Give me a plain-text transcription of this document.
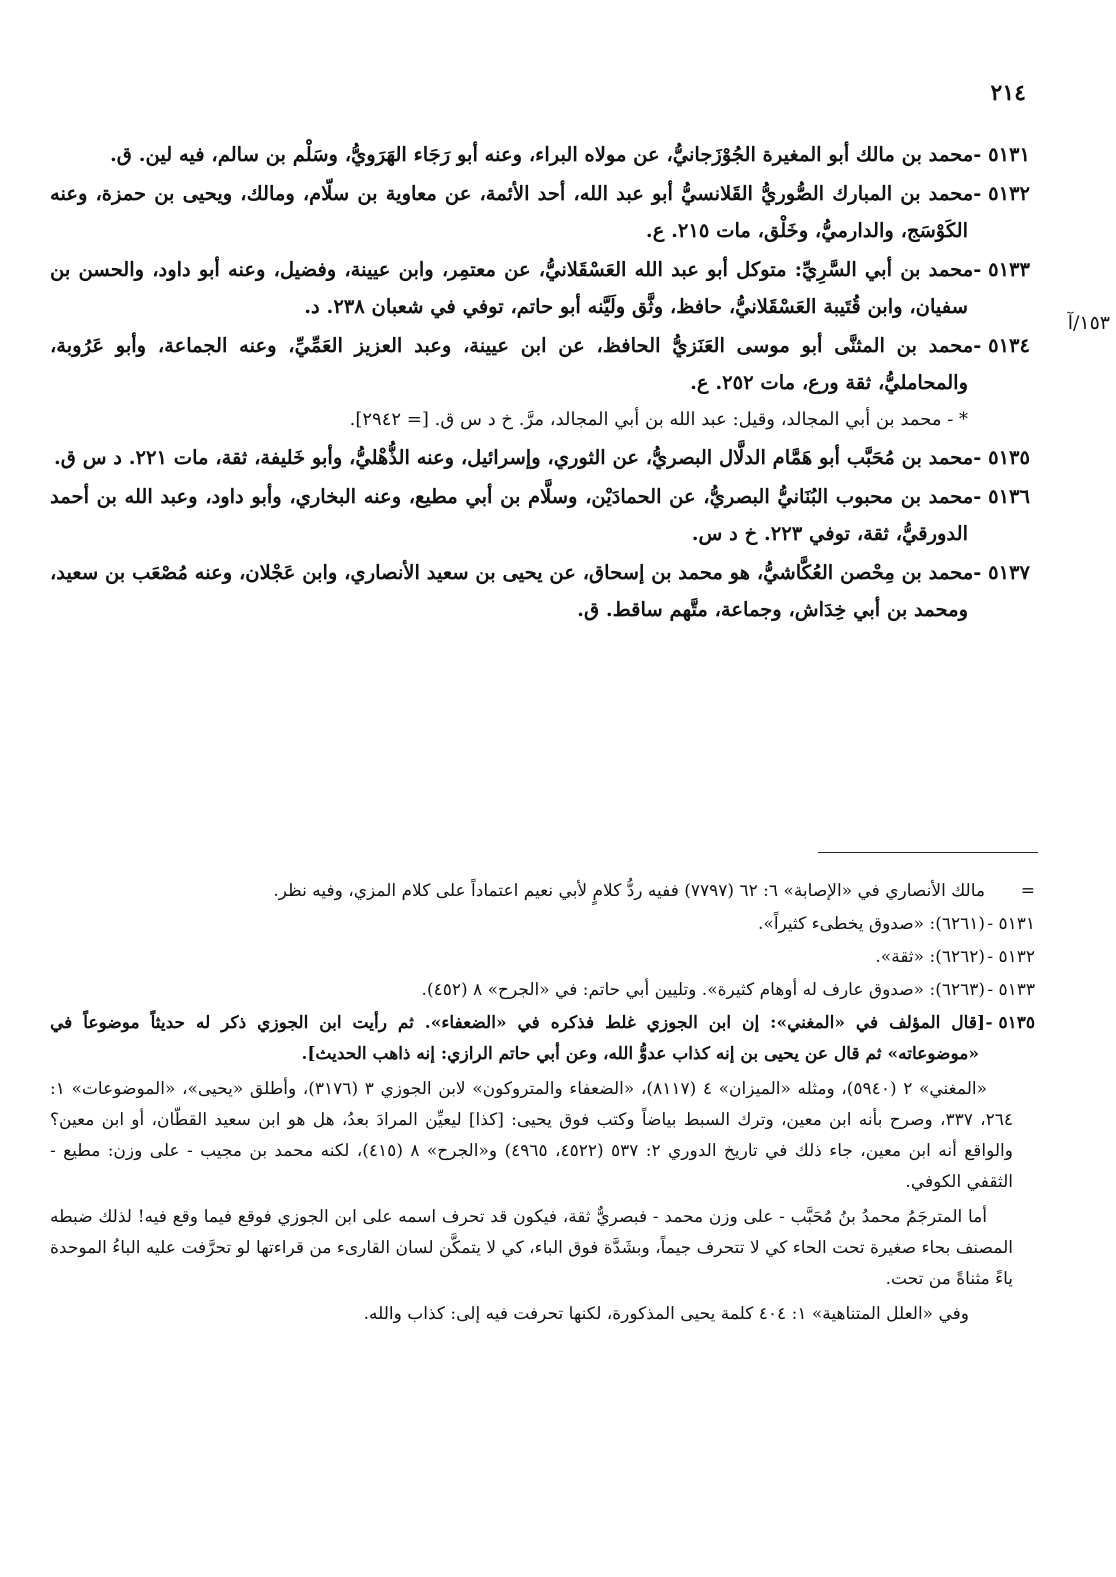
٢١٤
١٥٣/آ

٥١٣١ -محمد بن مالك أبو المغيرة الجُوْزَجانيُّ، عن مولاه البراء، وعنه أبو رَجَاء الهَرَويُّ، وسَلْم بن سالم، فيه لين. ق.

٥١٣٢ -محمد بن المبارك الصُّوريُّ القَلانسيُّ أبو عبد الله، أحد الأئمة، عن معاوية بن سلّام، ومالك، ويحيى بن حمزة، وعنه الكَوْسَج، والدارميُّ، وخَلْق، مات ٢١٥. ع.

٥١٣٣ -محمد بن أبي السَّرِيِّ: متوكل أبو عبد الله العَسْقَلانيُّ، عن معتمِر، وابن عيينة، وفضيل، وعنه أبو داود، والحسن بن سفيان، وابن قُتَيبة العَسْقَلانيُّ، حافظ، وثَّق ولَيَّنه أبو حاتم، توفي في شعبان ٢٣٨. د.

٥١٣٤ -محمد بن المثنَّى أبو موسى العَنَزيُّ الحافظ، عن ابن عيينة، وعبد العزيز العَمِّيِّ، وعنه الجماعة، وأبو عَرُوبة، والمحامليُّ، ثقة ورع، مات ٢٥٢. ع.

* - محمد بن أبي المجالد، وقيل: عبد الله بن أبي المجالد، مرَّ. خ د س ق. [= ٢٩٤٢].

٥١٣٥ -محمد بن مُحَبَّب أبو هَمَّام الدلَّال البصريُّ، عن الثوري، وإسرائيل، وعنه الذُّهْليُّ، وأبو خَليفة، ثقة، مات ٢٢١. د س ق.

٥١٣٦ -محمد بن محبوب البُنَانيُّ البصريُّ، عن الحمادَيْن، وسلَّام بن أبي مطيع، وعنه البخاري، وأبو داود، وعبد الله بن أحمد الدورقيُّ، ثقة، توفي ٢٢٣. خ د س.

٥١٣٧ -محمد بن مِحْصن العُكَّاشيُّ، هو محمد بن إسحاق، عن يحيى بن سعيد الأنصاري، وابن عَجْلان، وعنه مُصْعَب بن سعيد، ومحمد بن أبي خِدَاش، وجماعة، متَّهم ساقط. ق.

=مالك الأنصاري في «الإصابة» ٦: ٦٢ (٧٧٩٧) ففيه ردُّ كلامٍ لأبي نعيم اعتماداً على كلام المزي، وفيه نظر.

٥١٣١ -(٦٢٦١): «صدوق يخطىء كثيراً».

٥١٣٢ -(٦٢٦٢): «ثقة».

٥١٣٣ -(٦٢٦٣): «صدوق عارف له أوهام كثيرة». وتليين أبي حاتم: في «الجرح» ٨ (٤٥٢).

٥١٣٥ -[قال المؤلف في «المغني»: إن ابن الجوزي غلط فذكره في «الضعفاء». ثم رأيت ابن الجوزي ذكر له حديثاً موضوعاً في «موضوعاته» ثم قال عن يحيى بن إنه كذاب عدوُّ الله، وعن أبي حاتم الرازي: إنه ذاهب الحديث].

«المغني» ٢ (٥٩٤٠)، ومثله «الميزان» ٤ (٨١١٧)، «الضعفاء والمتروكون» لابن الجوزي ٣ (٣١٧٦)، وأطلق «يحيى»، «الموضوعات» ١: ٢٦٤، ٣٣٧، وصرح بأنه ابن معين، وترك السبط بياضاً وكتب فوق يحيى: [كذا] ليعيِّن المرادَ بعدُ، هل هو ابن سعيد القطّان، أو ابن معين؟ والواقع أنه ابن معين، جاء ذلك في تاريخ الدوري ٢: ٥٣٧ (٤٥٢٢، ٤٩٦٥) و«الجرح» ٨ (٤١٥)، لكنه محمد بن مجيب - على وزن: مطيع - الثقفي الكوفي.

أما المترجَمُ محمدُ بنُ مُحَبَّب - على وزن محمد - فبصريٌّ ثقة، فيكون قد تحرف اسمه على ابن الجوزي فوقع فيما وقع فيه! لذلك ضبطه المصنف بحاء صغيرة تحت الحاء كي لا تتحرف جيماً، وبشَدَّة فوق الباء، كي لا يتمكَّن لسان القارىء من قراءتها لو تحرَّفت عليه الباءُ الموحدة ياءً مثناةً من تحت.

وفي «العلل المتناهية» ١: ٤٠٤ كلمة يحيى المذكورة، لكنها تحرفت فيه إلى: كذاب والله.
